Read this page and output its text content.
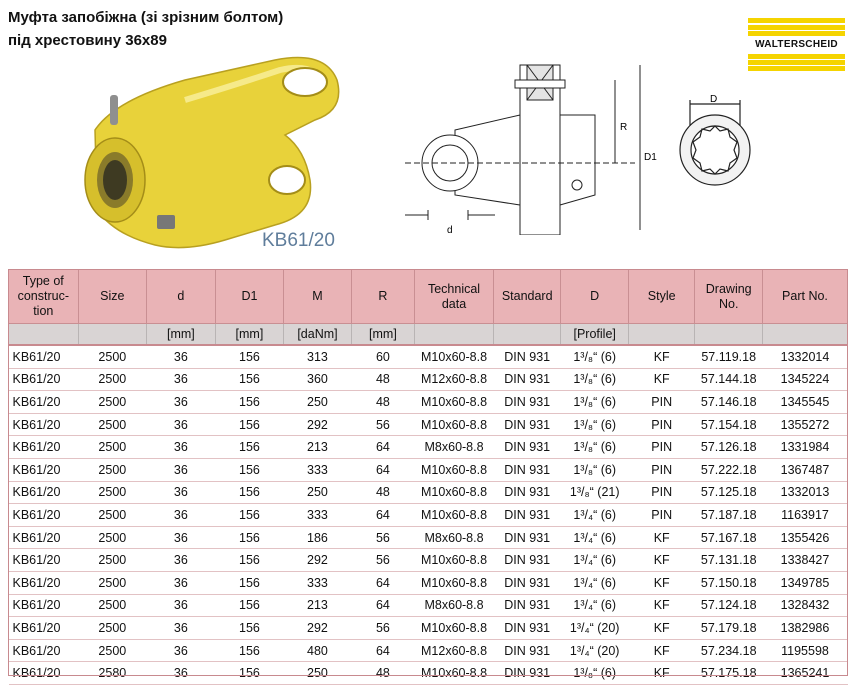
Муфта запобіжна (зі зрізним болтом)
під хрестовину 36x89	WALTERSCHEID
KB61/20	d
R
D1
D
Type of construc-tion	Size	d	D1	M	R	Technical data	Standard	D	Style	Drawing No.	Part No.
		[mm]	[mm]	[daNm]	[mm]			[Profile]			
KB61/20	2500	36	156	313	60	M10x60-8.8	DIN 931	1³/₈“ (6)	KF	57.119.18	1332014
KB61/20	2500	36	156	360	48	M12x60-8.8	DIN 931	1³/₈“ (6)	KF	57.144.18	1345224
KB61/20	2500	36	156	250	48	M10x60-8.8	DIN 931	1³/₈“ (6)	PIN	57.146.18	1345545
KB61/20	2500	36	156	292	56	M10x60-8.8	DIN 931	1³/₈“ (6)	PIN	57.154.18	1355272
KB61/20	2500	36	156	213	64	M8x60-8.8	DIN 931	1³/₈“ (6)	PIN	57.126.18	1331984
KB61/20	2500	36	156	333	64	M10x60-8.8	DIN 931	1³/₈“ (6)	PIN	57.222.18	1367487
KB61/20	2500	36	156	250	48	M10x60-8.8	DIN 931	1³/₈“ (21)	PIN	57.125.18	1332013
KB61/20	2500	36	156	333	64	M10x60-8.8	DIN 931	1³/₄“ (6)	PIN	57.187.18	1163917
KB61/20	2500	36	156	186	56	M8x60-8.8	DIN 931	1³/₄“ (6)	KF	57.167.18	1355426
KB61/20	2500	36	156	292	56	M10x60-8.8	DIN 931	1³/₄“ (6)	KF	57.131.18	1338427
KB61/20	2500	36	156	333	64	M10x60-8.8	DIN 931	1³/₄“ (6)	KF	57.150.18	1349785
KB61/20	2500	36	156	213	64	M8x60-8.8	DIN 931	1³/₄“ (6)	KF	57.124.18	1328432
KB61/20	2500	36	156	292	56	M10x60-8.8	DIN 931	1³/₄“ (20)	KF	57.179.18	1382986
KB61/20	2500	36	156	480	64	M12x60-8.8	DIN 931	1³/₄“ (20)	KF	57.234.18	1195598
KB61/20	2580	36	156	250	48	M10x60-8.8	DIN 931	1³/₈“ (6)	KF	57.175.18	1365241
